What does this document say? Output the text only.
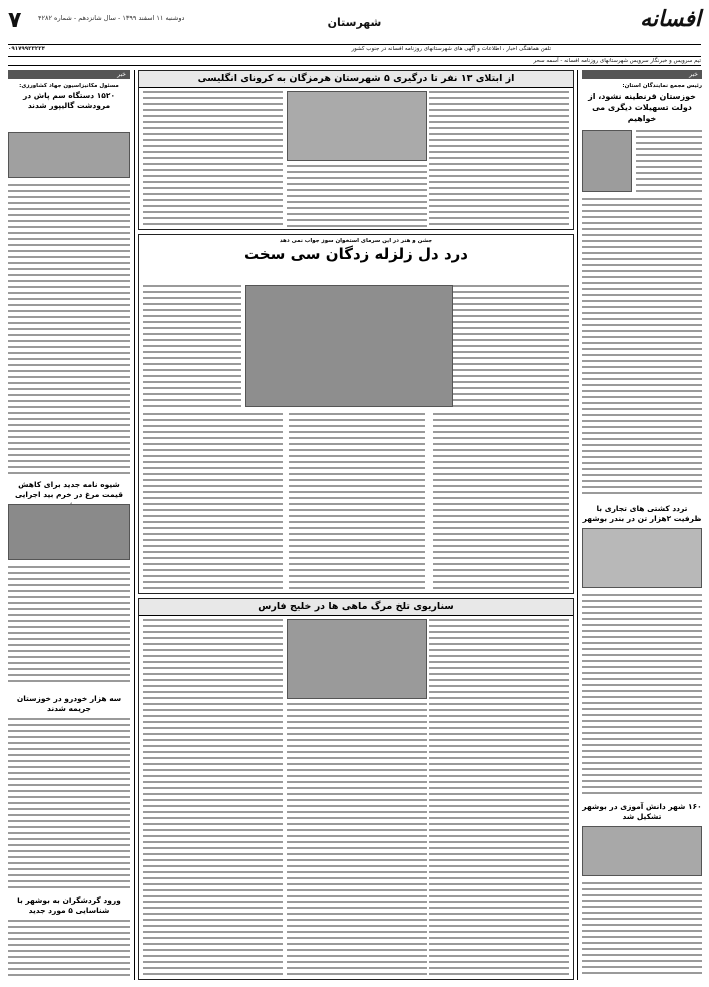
۷	دوشنبه ۱۱ اسفند ۱۳۹۹ - سال شانزدهم - شماره ۴۲۸۲	شهرستان	افسانه
تلفن هماهنگی اخبار ، اطلاعات و آگهی های شهرستانهای روزنامه افسانه در جنوب کشور
۰۹۱۷۹۹۲۳۲۲۴
تیم سرویس و خبرنگار سرویس شهرستانهای روزنامه افسانه - آسمه سحر
خبر
رئیس مجمع نمایندگان استان:
خوزستان قرنطینه نشود، از دولت تسهیلات دیگری می خواهیم
تردد کشتی های تجاری با ظرفیت ۲هزار تن در بندر بوشهر
۱۶۰ شهر دانش آموزی در بوشهر تشکیل شد
از ابتلای ۱۳ نفر تا درگیری ۵ شهرستان هرمزگان به کرونای انگلیسی
جشن و هنر در این سرمای استخوان سوز جواب نمی دهد
درد دل زلزله زدگان سی سخت
سناریوی تلخ مرگ ماهی ها در خلیج فارس
خبر
مسئول مکانیزاسیون جهاد کشاورزی:
۱۵۲۰ دستگاه سم پاش در مرودشت گالیپور شدند
شیوه نامه جدید برای کاهش قیمت مرغ در خرم بید اجرایی
سه هزار خودرو در خوزستان جریمه شدند
ورود گردشگران به بوشهر با شناسایی ۵ مورد جدید
